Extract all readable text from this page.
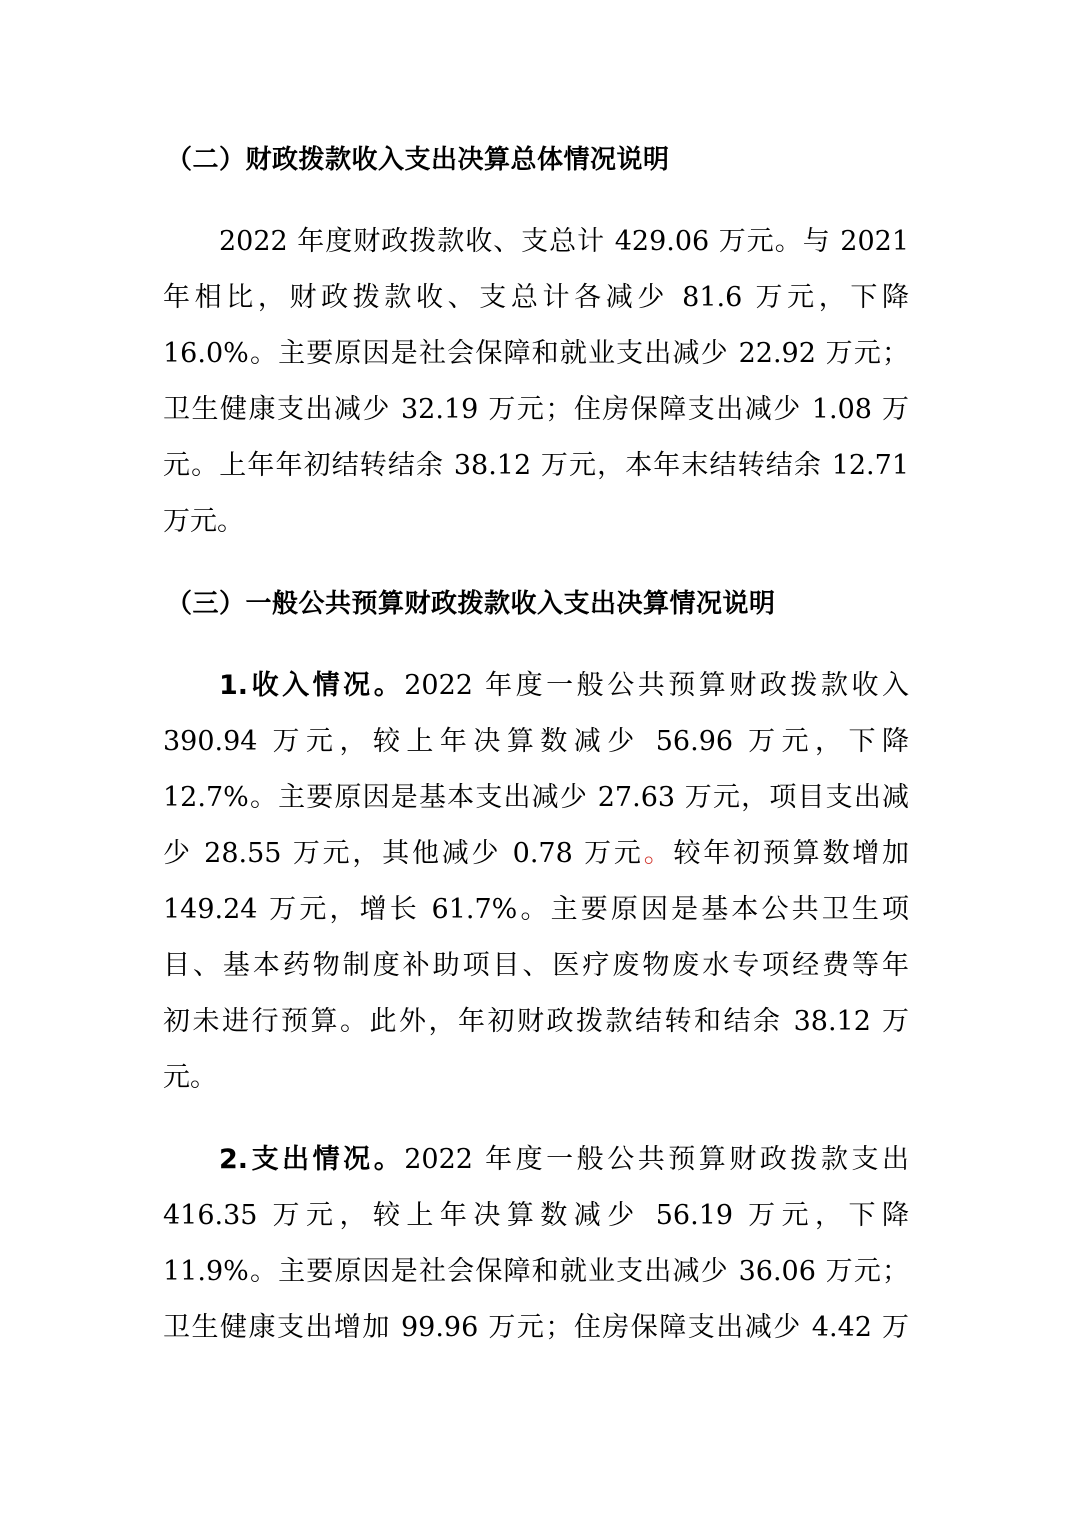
（二）财政拨款收入支出决算总体情况说明
2022 年度财政拨款收、支总计 429.06 万元。与 2021
年相比，财政拨款收、支总计各减少 81.6 万元，下降
16.0%。主要原因是社会保障和就业支出减少 22.92 万元；
卫生健康支出减少 32.19 万元；住房保障支出减少 1.08 万
元。上年年初结转结余 38.12 万元，本年末结转结余 12.71
万元。
（三）一般公共预算财政拨款收入支出决算情况说明
1.收入情况。2022 年度一般公共预算财政拨款收入
390.94 万元，较上年决算数减少 56.96 万元，下降
12.7%。主要原因是基本支出减少 27.63 万元，项目支出减
少 28.55 万元，其他减少 0.78 万元。较年初预算数增加
149.24 万元，增长 61.7%。主要原因是基本公共卫生项
目、基本药物制度补助项目、医疗废物废水专项经费等年
初未进行预算。此外，年初财政拨款结转和结余 38.12 万
元。
2.支出情况。2022 年度一般公共预算财政拨款支出
416.35 万元，较上年决算数减少 56.19 万元，下降
11.9%。主要原因是社会保障和就业支出减少 36.06 万元；
卫生健康支出增加 99.96 万元；住房保障支出减少 4.42 万
